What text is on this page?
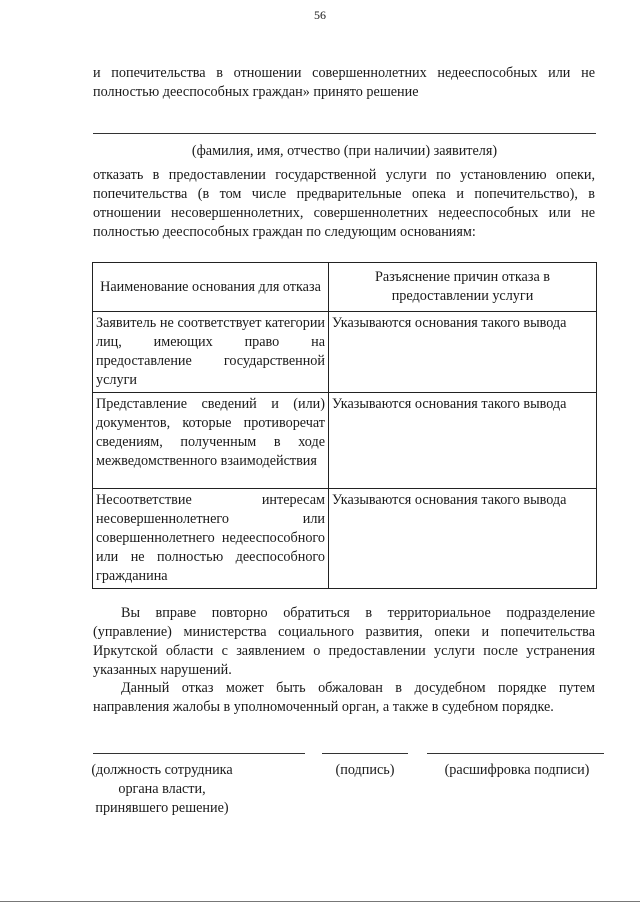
56

и попечительства в отношении совершеннолетних недееспособных или не полностью дееспособных граждан» принято решение

(фамилия, имя, отчество (при наличии) заявителя)

отказать в предоставлении государственной услуги по установлению опеки, попечительства (в том числе предварительные опека и попечительство), в отношении несовершеннолетних, совершеннолетних недееспособных или не полностью дееспособных граждан по следующим основаниям:

Наименование основания для отказа	Разъяснение причин отказа в предоставлении услуги
Заявитель не соответствует категории лиц, имеющих право на предоставление государственной услуги	Указываются основания такого вывода
Представление сведений и (или) документов, которые противоречат сведениям, полученным в ходе межведомственного взаимодействия	Указываются основания такого вывода
Несоответствие интересам несовершеннолетнего или совершеннолетнего недееспособного или не полностью дееспособного гражданина	Указываются основания такого вывода

Вы вправе повторно обратиться в территориальное подразделение (управление) министерства социального развития, опеки и попечительства Иркутской области с заявлением о предоставлении услуги после устранения указанных нарушений.

Данный отказ может быть обжалован в досудебном порядке путем направления жалобы в уполномоченный орган, а также в судебном порядке.

(должность сотрудника органа власти, принявшего решение)
(подпись)	(расшифровка подписи)
